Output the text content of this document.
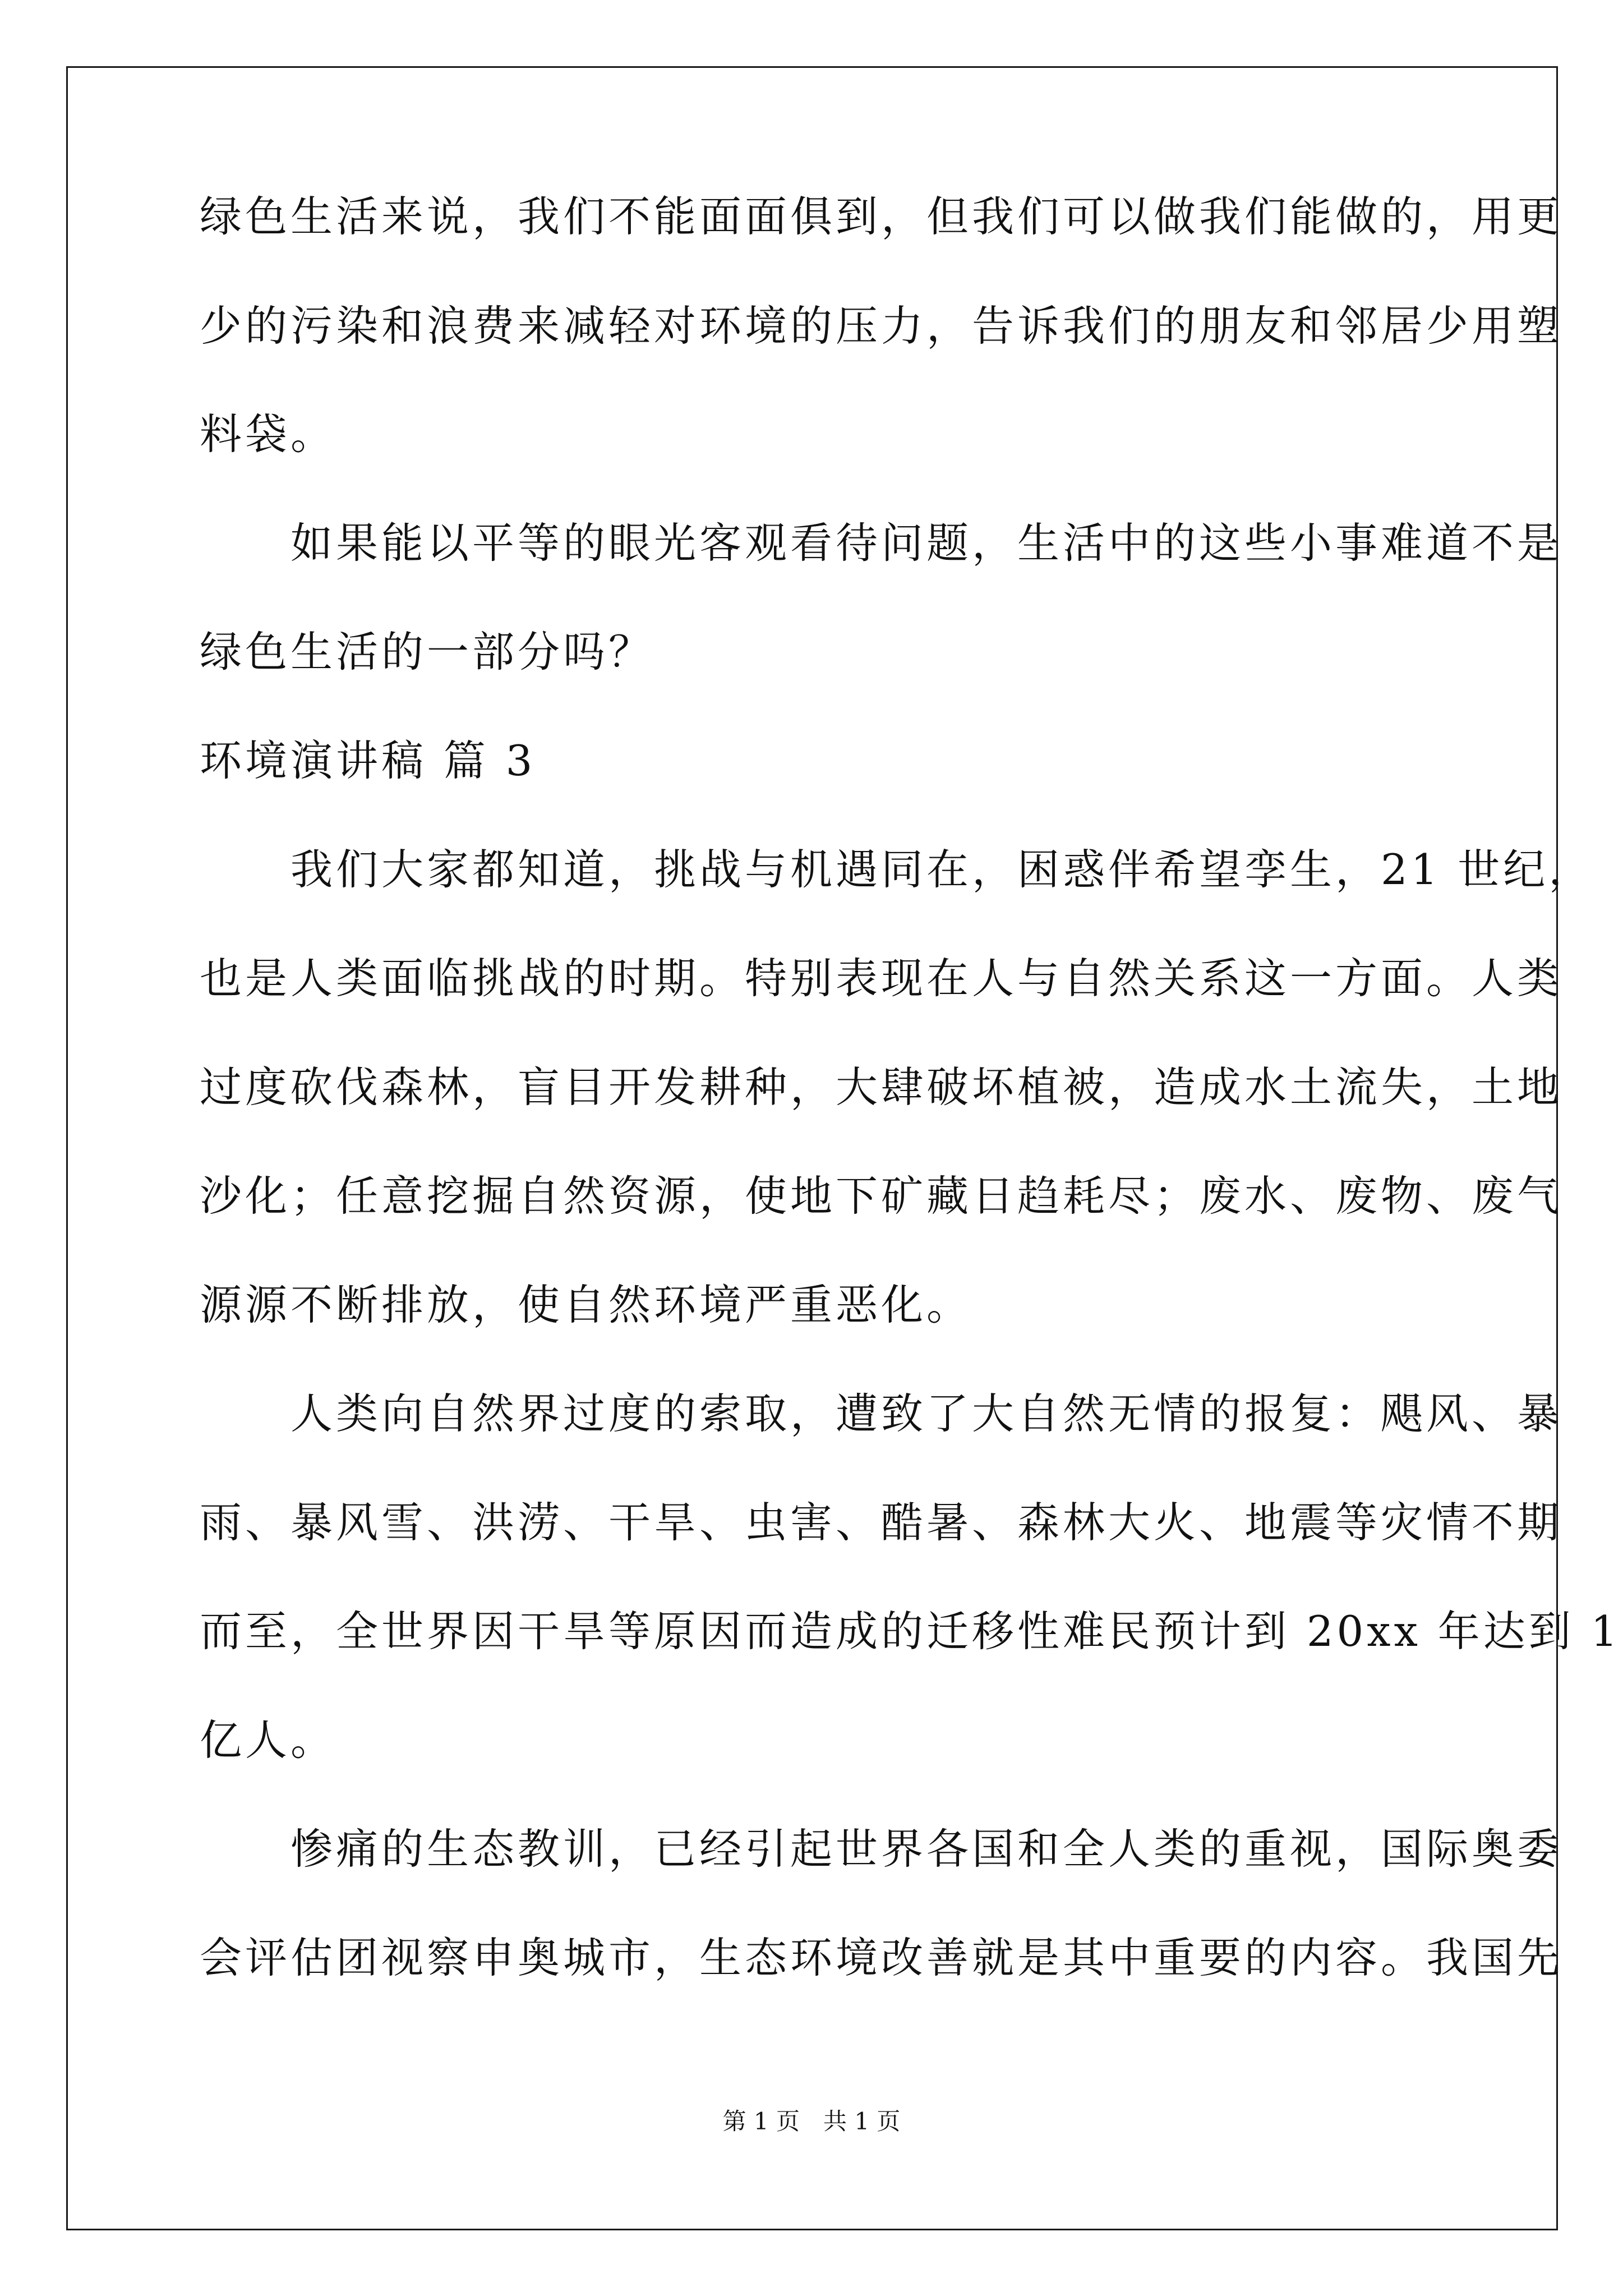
绿色生活来说，我们不能面面俱到，但我们可以做我们能做的，用更
少的污染和浪费来减轻对环境的压力，告诉我们的朋友和邻居少用塑
料袋。
　　如果能以平等的眼光客观看待问题，生活中的这些小事难道不是
绿色生活的一部分吗？
环境演讲稿 篇 3
　　我们大家都知道，挑战与机遇同在，困惑伴希望孪生，21 世纪，
也是人类面临挑战的时期。特别表现在人与自然关系这一方面。人类
过度砍伐森林，盲目开发耕种，大肆破坏植被，造成水土流失，土地
沙化；任意挖掘自然资源，使地下矿藏日趋耗尽；废水、废物、废气
源源不断排放，使自然环境严重恶化。
　　人类向自然界过度的索取，遭致了大自然无情的报复：飓风、暴
雨、暴风雪、洪涝、干旱、虫害、酷暑、森林大火、地震等灾情不期
而至，全世界因干旱等原因而造成的迁移性难民预计到 20xx 年达到 1
亿人。
　　惨痛的生态教训，已经引起世界各国和全人类的重视，国际奥委
会评估团视察申奥城市，生态环境改善就是其中重要的内容。我国先
第 1 页　共 1 页
